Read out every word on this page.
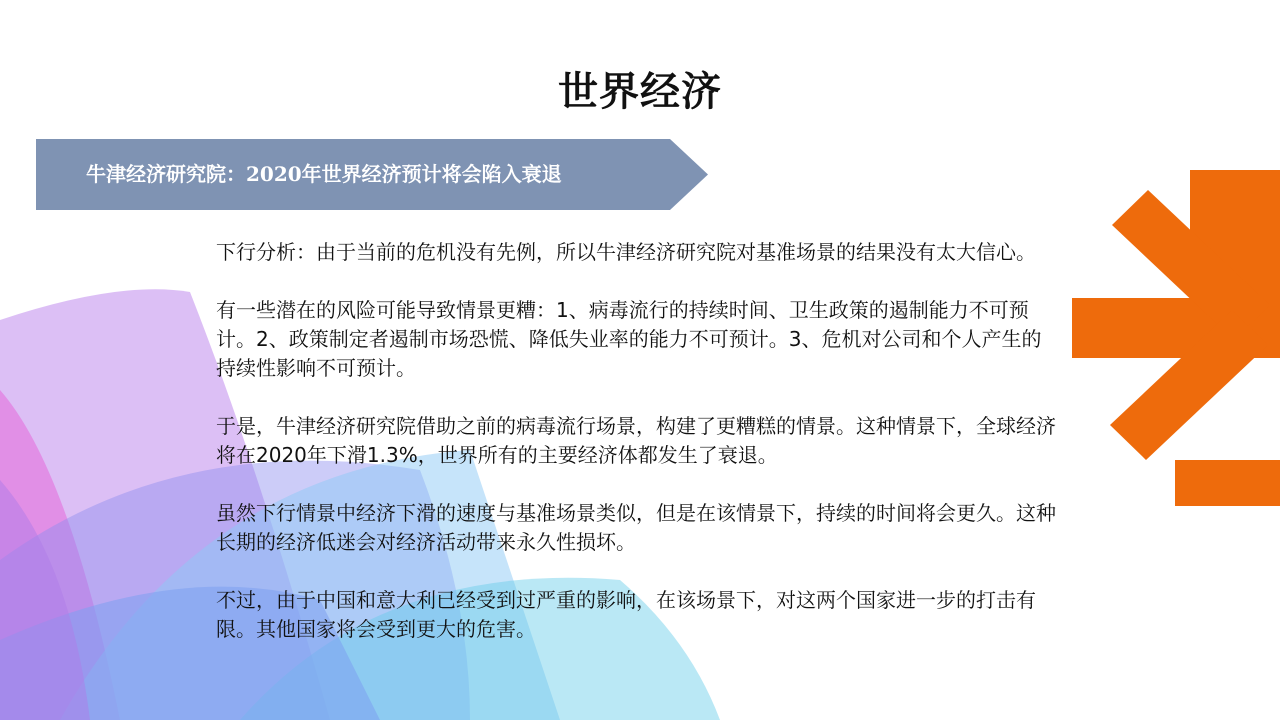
世界经济
牛津经济研究院：2020年世界经济预计将会陷入衰退

下行分析：由于当前的危机没有先例，所以牛津经济研究院对基准场景的结果没有太大信心。

有一些潜在的风险可能导致情景更糟：1、病毒流行的持续时间、卫生政策的遏制能力不可预计。2、政策制定者遏制市场恐慌、降低失业率的能力不可预计。3、危机对公司和个人产生的持续性影响不可预计。

于是，牛津经济研究院借助之前的病毒流行场景，构建了更糟糕的情景。这种情景下，全球经济将在2020年下滑1.3%，世界所有的主要经济体都发生了衰退。

虽然下行情景中经济下滑的速度与基准场景类似，但是在该情景下，持续的时间将会更久。这种长期的经济低迷会对经济活动带来永久性损坏。

不过，由于中国和意大利已经受到过严重的影响，在该场景下，对这两个国家进一步的打击有限。其他国家将会受到更大的危害。
